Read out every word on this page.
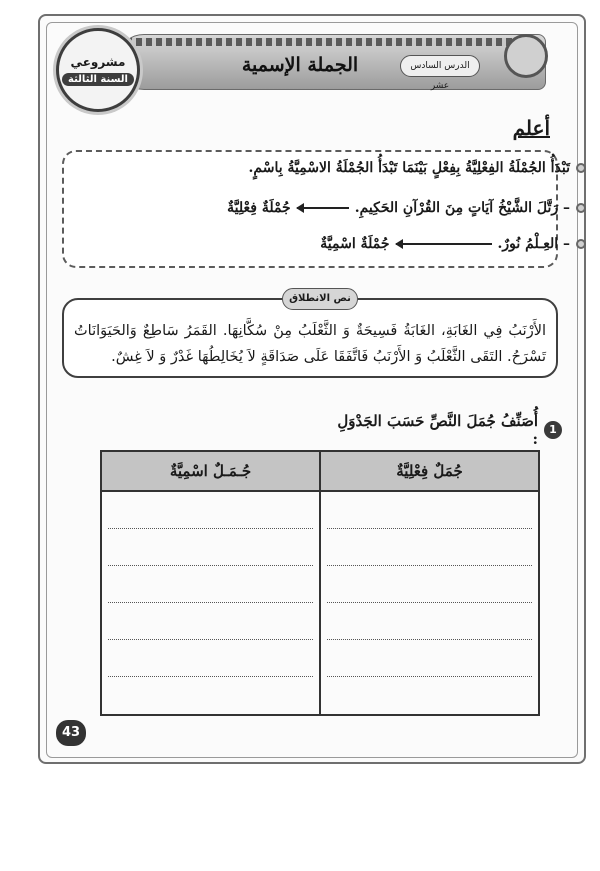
الجملة الإسمية	الدرس السادس عشر
مشروعي
السنة الثالثة
أعلم
تَبْدَأُ الجُمْلَةُ الفِعْلِيَّةُ بِفِعْلٍ بَيْنَمَا تَبْدَأُ الجُمْلَةُ الاسْمِيَّةُ بِاسْمٍ.
– رَتَّلَ الشَّيْخُ آيَاتٍ مِنَ القُرْآنِ الحَكِيمِ.
جُمْلَةٌ فِعْلِيَّةٌ
– العِـلْمُ نُورٌ.
جُمْلَةٌ اسْمِيَّةٌ
نص الانطلاق
الأَرْنَبُ فِي الغَابَةِ، الغَابَةُ فَسِيحَةٌ وَ الثَّعْلَبُ مِنْ سُكَّانِهَا. القَمَرُ سَاطِعٌ وَالحَيَوَانَاتُ تَسْرَحُ. التَقَى الثَّعْلَبُ وَ الأَرْنَبُ فَاتَّفَقَا عَلَى صَدَاقَةٍ لاَ يُخَالِطُهَا غَدْرٌ وَ لاَ غِشٌ.
1
أُصَنِّفُ جُمَلَ النَّصِّ حَسَبَ الجَدْوَلِ :
جُـمَـلٌ اسْمِيَّةٌ	جُمَلٌ فِعْلِيَّةٌ
43
